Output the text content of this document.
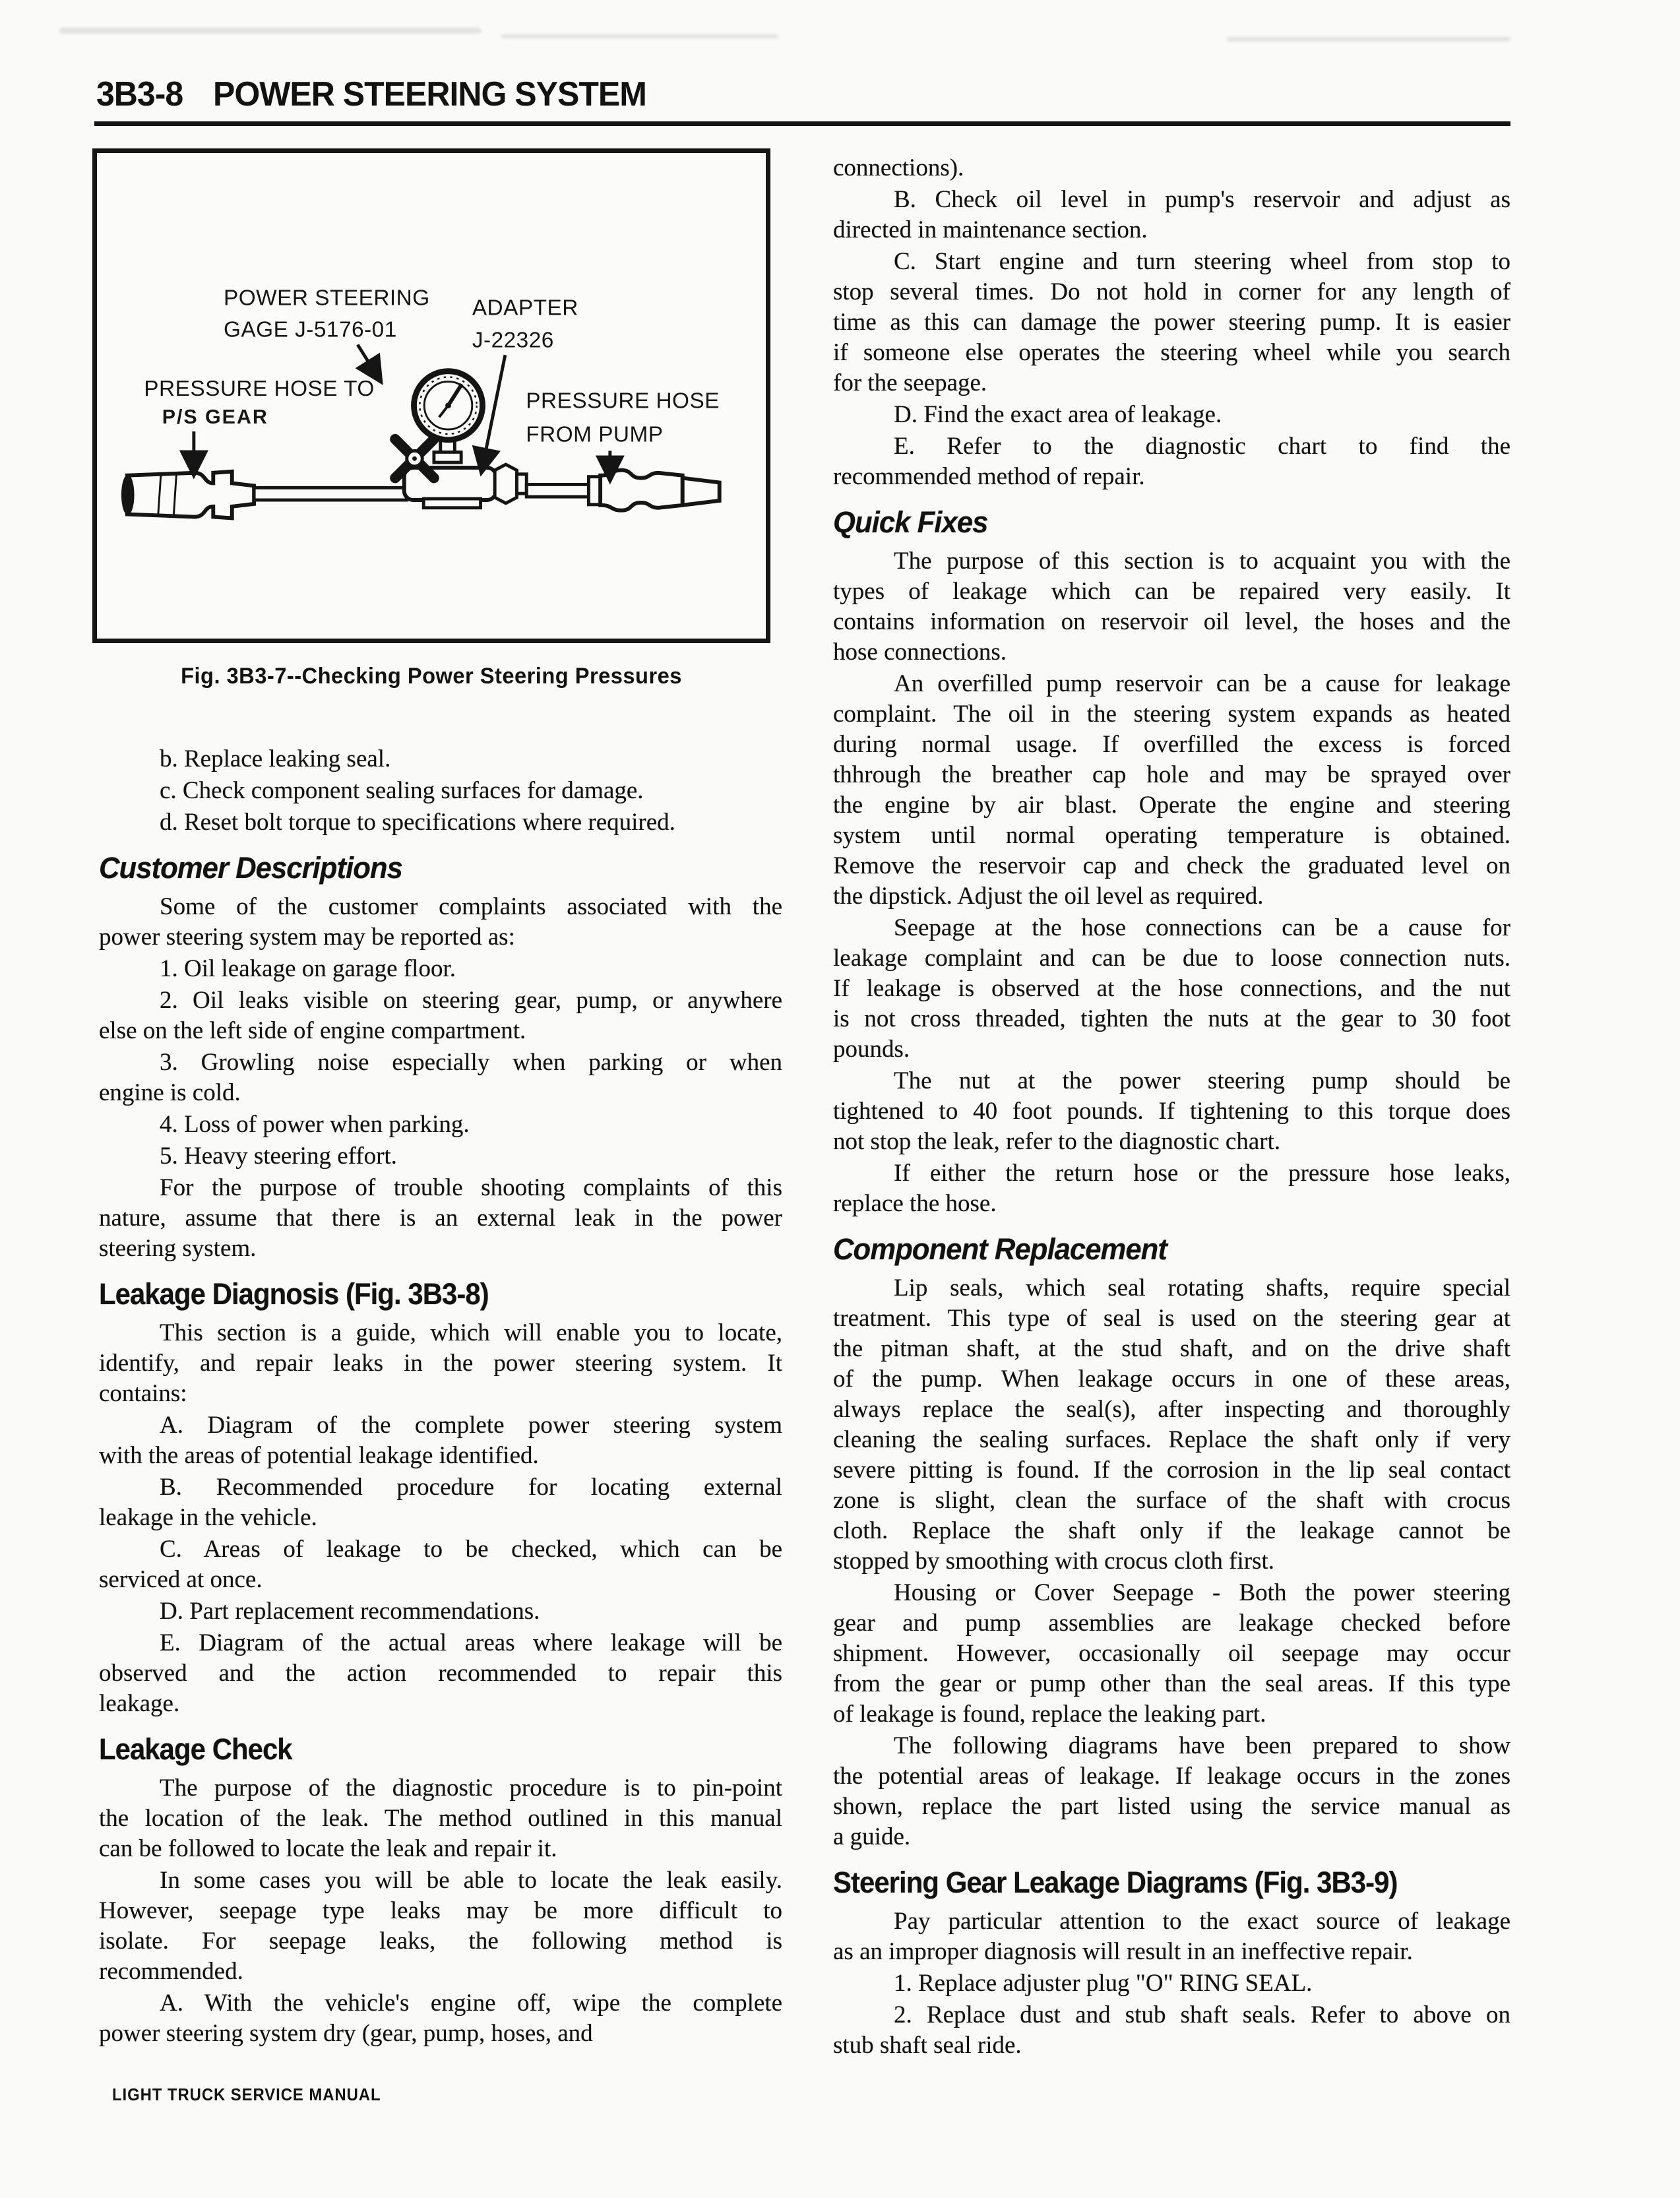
3B3-8 POWER STEERING SYSTEM
POWER STEERING
GAGE J-5176-01
ADAPTER
J-22326
PRESSURE HOSE TO
P/S GEAR
PRESSURE HOSE
FROM PUMP
Fig. 3B3-7--Checking Power Steering Pressures
b. Replace leaking seal.
c. Check component sealing surfaces for damage.
d. Reset bolt torque to specifications where required.
Customer Descriptions
Some of the customer complaints associated with the
power steering system may be reported as:
1. Oil leakage on garage floor.
2. Oil leaks visible on steering gear, pump, or anywhere
else on the left side of engine compartment.
3. Growling noise especially when parking or when
engine is cold.
4. Loss of power when parking.
5. Heavy steering effort.
For the purpose of trouble shooting complaints of this
nature, assume that there is an external leak in the power
steering system.
Leakage Diagnosis (Fig. 3B3-8)
This section is a guide, which will enable you to locate,
identify, and repair leaks in the power steering system. It
contains:
A. Diagram of the complete power steering system
with the areas of potential leakage identified.
B. Recommended procedure for locating external
leakage in the vehicle.
C. Areas of leakage to be checked, which can be
serviced at once.
D. Part replacement recommendations.
E. Diagram of the actual areas where leakage will be
observed and the action recommended to repair this
leakage.
Leakage Check
The purpose of the diagnostic procedure is to pin-point
the location of the leak. The method outlined in this manual
can be followed to locate the leak and repair it.
In some cases you will be able to locate the leak easily.
However, seepage type leaks may be more difficult to
isolate. For seepage leaks, the following method is
recommended.
A. With the vehicle's engine off, wipe the complete
power steering system dry (gear, pump, hoses, and
connections).
B. Check oil level in pump's reservoir and adjust as
directed in maintenance section.
C. Start engine and turn steering wheel from stop to
stop several times. Do not hold in corner for any length of
time as this can damage the power steering pump. It is easier
if someone else operates the steering wheel while you search
for the seepage.
D. Find the exact area of leakage.
E. Refer to the diagnostic chart to find the
recommended method of repair.
Quick Fixes
The purpose of this section is to acquaint you with the
types of leakage which can be repaired very easily. It
contains information on reservoir oil level, the hoses and the
hose connections.
An overfilled pump reservoir can be a cause for leakage
complaint. The oil in the steering system expands as heated
during normal usage. If overfilled the excess is forced
thhrough the breather cap hole and may be sprayed over
the engine by air blast. Operate the engine and steering
system until normal operating temperature is obtained.
Remove the reservoir cap and check the graduated level on
the dipstick. Adjust the oil level as required.
Seepage at the hose connections can be a cause for
leakage complaint and can be due to loose connection nuts.
If leakage is observed at the hose connections, and the nut
is not cross threaded, tighten the nuts at the gear to 30 foot
pounds.
The nut at the power steering pump should be
tightened to 40 foot pounds. If tightening to this torque does
not stop the leak, refer to the diagnostic chart.
If either the return hose or the pressure hose leaks,
replace the hose.
Component Replacement
Lip seals, which seal rotating shafts, require special
treatment. This type of seal is used on the steering gear at
the pitman shaft, at the stud shaft, and on the drive shaft
of the pump. When leakage occurs in one of these areas,
always replace the seal(s), after inspecting and thoroughly
cleaning the sealing surfaces. Replace the shaft only if very
severe pitting is found. If the corrosion in the lip seal contact
zone is slight, clean the surface of the shaft with crocus
cloth. Replace the shaft only if the leakage cannot be
stopped by smoothing with crocus cloth first.
Housing or Cover Seepage - Both the power steering
gear and pump assemblies are leakage checked before
shipment. However, occasionally oil seepage may occur
from the gear or pump other than the seal areas. If this type
of leakage is found, replace the leaking part.
The following diagrams have been prepared to show
the potential areas of leakage. If leakage occurs in the zones
shown, replace the part listed using the service manual as
a guide.
Steering Gear Leakage Diagrams (Fig. 3B3-9)
Pay particular attention to the exact source of leakage
as an improper diagnosis will result in an ineffective repair.
1. Replace adjuster plug "O" RING SEAL.
2. Replace dust and stub shaft seals. Refer to above on
stub shaft seal ride.
LIGHT TRUCK SERVICE MANUAL
